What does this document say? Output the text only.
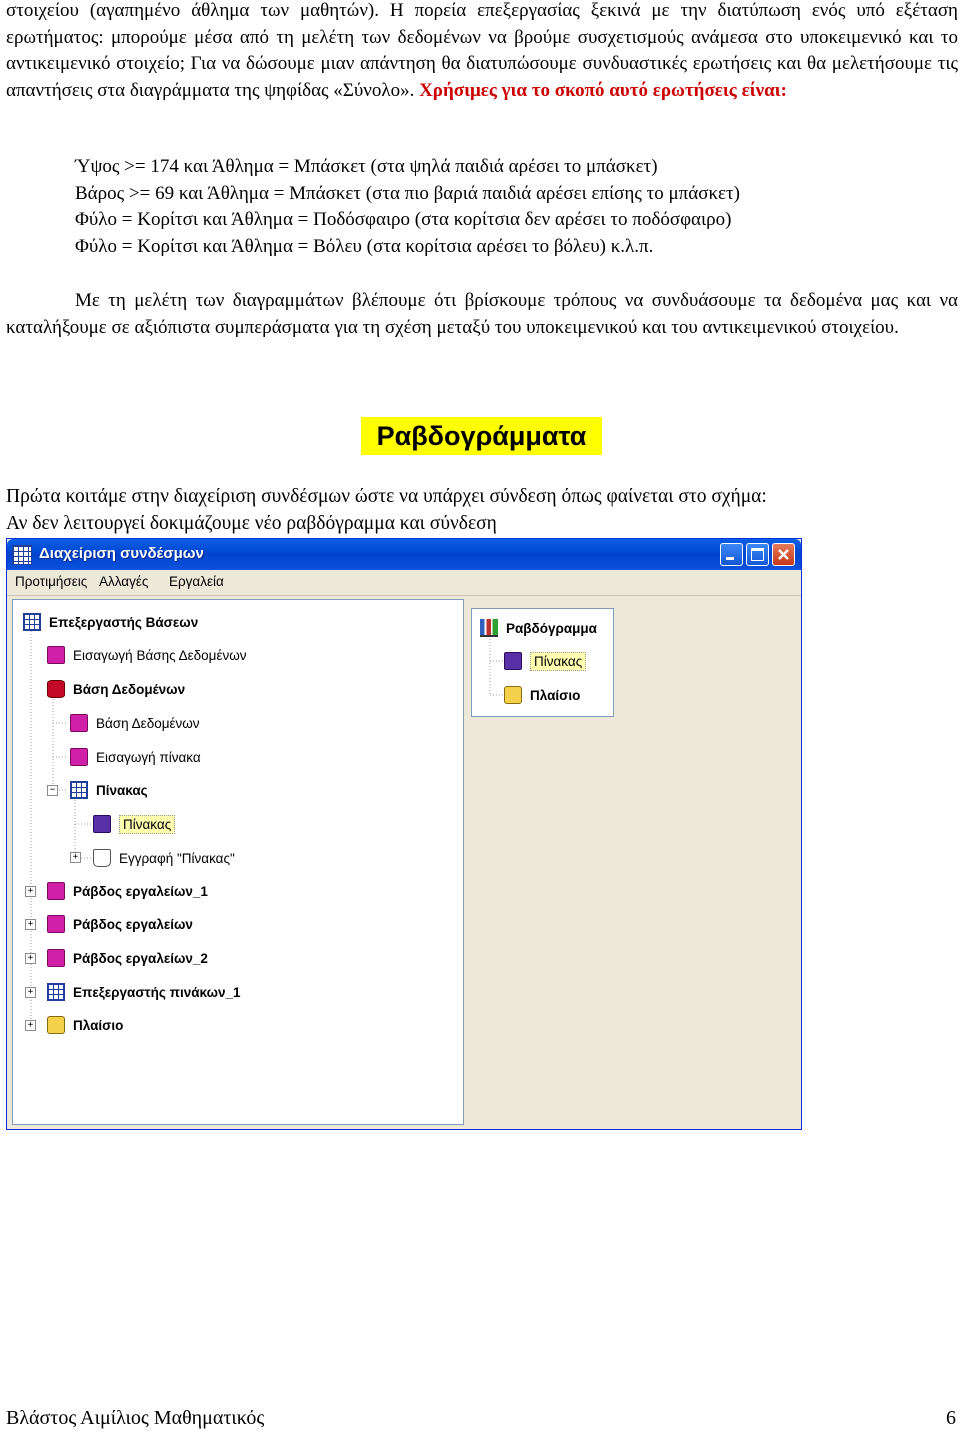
στοιχείου (αγαπημένο άθλημα των μαθητών). Η πορεία επεξεργασίας ξεκινά με την διατύπωση ενός υπό εξέταση ερωτήματος: μπορούμε μέσα από τη μελέτη των δεδομένων να βρούμε συσχετισμούς ανάμεσα στο υποκειμενικό και το αντικειμενικό στοιχείο; Για να δώσουμε μιαν απάντηση θα διατυπώσουμε συνδυαστικές ερωτήσεις και θα μελετήσουμε τις απαντήσεις στα διαγράμματα της ψηφίδας «Σύνολο». Χρήσιμες για το σκοπό αυτό ερωτήσεις είναι:
Ύψος >= 174 και Άθλημα = Μπάσκετ (στα ψηλά παιδιά αρέσει το μπάσκετ)
Βάρος >= 69 και Άθλημα = Μπάσκετ (στα πιο βαριά παιδιά αρέσει επίσης το μπάσκετ)
Φύλο = Κορίτσι και Άθλημα = Ποδόσφαιρο (στα κορίτσια δεν αρέσει το ποδόσφαιρο)
Φύλο = Κορίτσι και Άθλημα = Βόλευ (στα κορίτσια αρέσει το βόλευ) κ.λ.π.
Με τη μελέτη των διαγραμμάτων βλέπουμε ότι βρίσκουμε τρόπους να συνδυάσουμε τα δεδομένα μας και να καταλήξουμε σε αξιόπιστα συμπεράσματα για τη σχέση μεταξύ του υποκειμενικού και του αντικειμενικού στοιχείου.
Ραβδογράμματα
Πρώτα κοιτάμε στην διαχείριση συνδέσμων ώστε να υπάρχει σύνδεση όπως φαίνεται στο σχήμα:
Αν δεν λειτουργεί δοκιμάζουμε νέο ραβδόγραμμα και σύνδεση
Διαχείριση συνδέσμων
Προτιμήσεις Αλλαγές Εργαλεία
Επεξεργαστής Βάσεων
Εισαγωγή Βάσης Δεδομένων
Βάση Δεδομένων
Βάση Δεδομένων
Εισαγωγή πίνακα
−	Πίνακας
Πίνακας
+	Εγγραφή "Πίνακας"
+	Ράβδος εργαλείων_1
+	Ράβδος εργαλείων
+	Ράβδος εργαλείων_2
+	Επεξεργαστής πινάκων_1
+	Πλαίσιο
Ραβδόγραμμα
Πίνακας
Πλαίσιο
Βλάστος Αιμίλιος Μαθηματικός	6
